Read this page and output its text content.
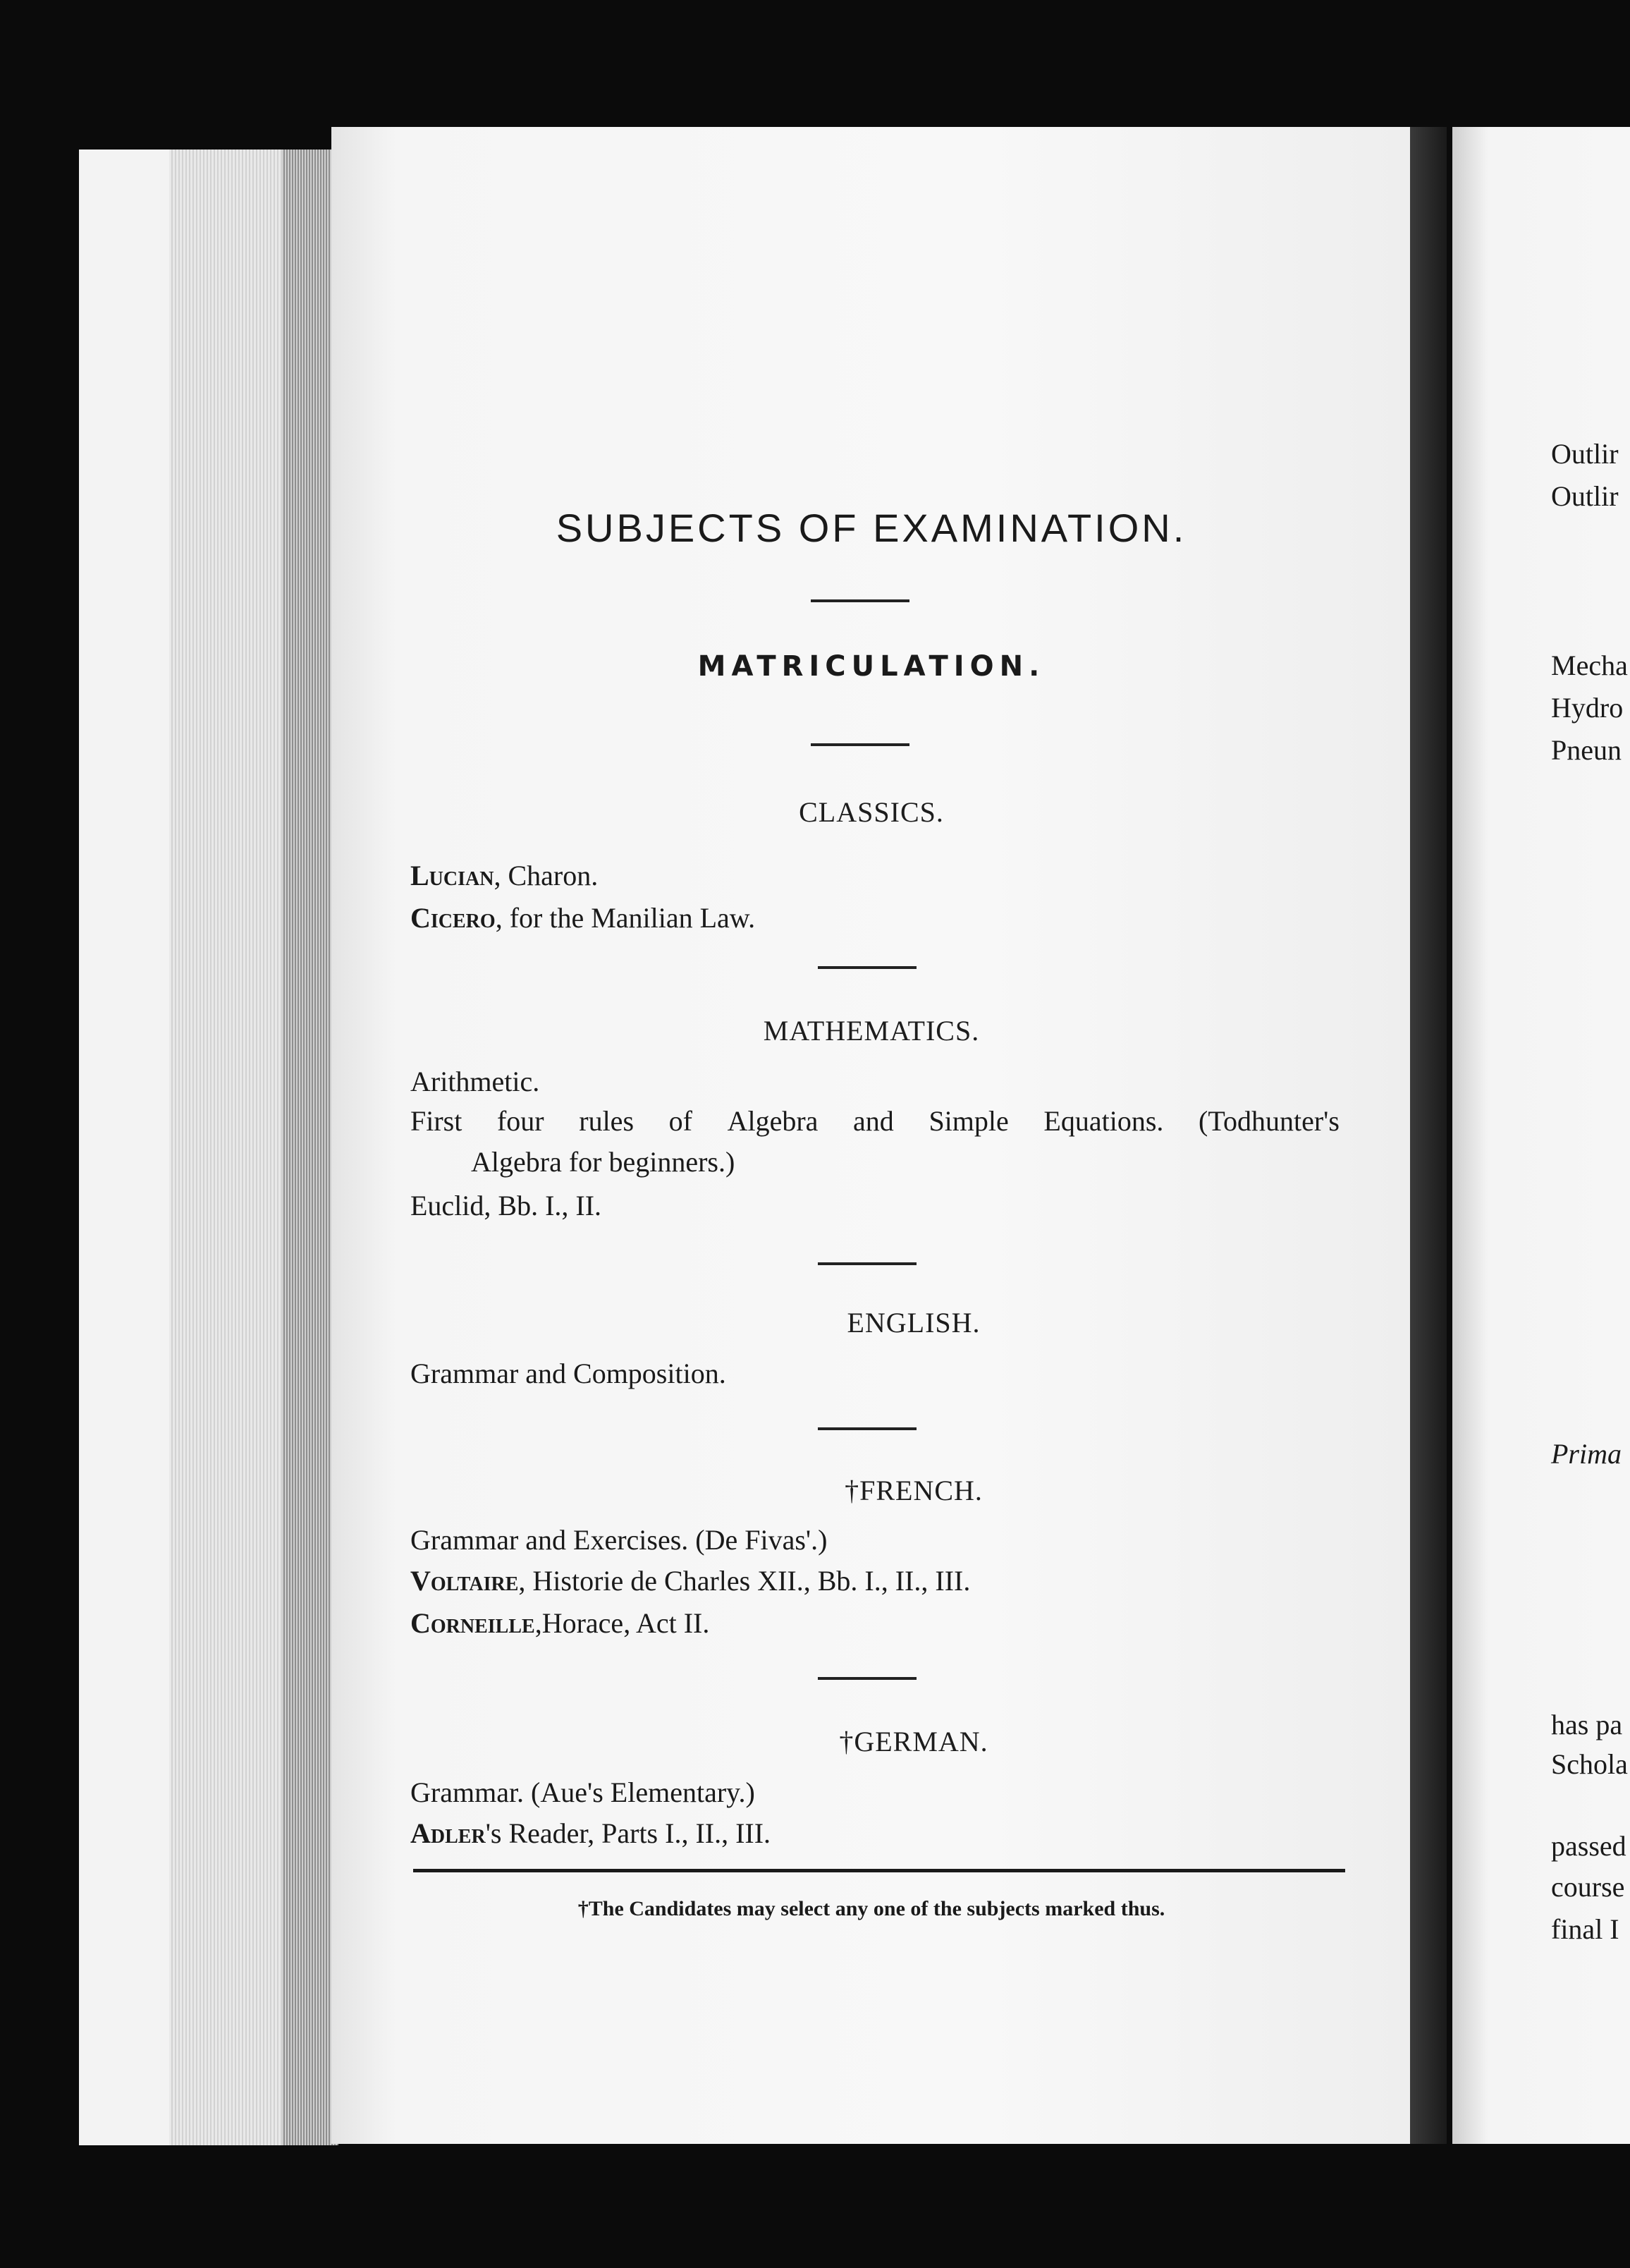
Outlir
Outlir
Mecha
Hydro
Pneun
Prima
has pa
Schola
passed
course
final I
SUBJECTS OF EXAMINATION.
MATRICULATION.
CLASSICS.
Lucian, Charon.
Cicero, for the Manilian Law.
MATHEMATICS.
Arithmetic.
First four rules of Algebra and Simple Equations. (Todhunter's
Algebra for beginners.)
Euclid, Bb. I., II.
ENGLISH.
Grammar and Composition.
†FRENCH.
Grammar and Exercises. (De Fivas'.)
Voltaire, Historie de Charles XII., Bb. I., II., III.
Corneille,Horace, Act II.
†GERMAN.
Grammar. (Aue's Elementary.)
Adler's Reader, Parts I., II., III.
†The Candidates may select any one of the subjects marked thus.
